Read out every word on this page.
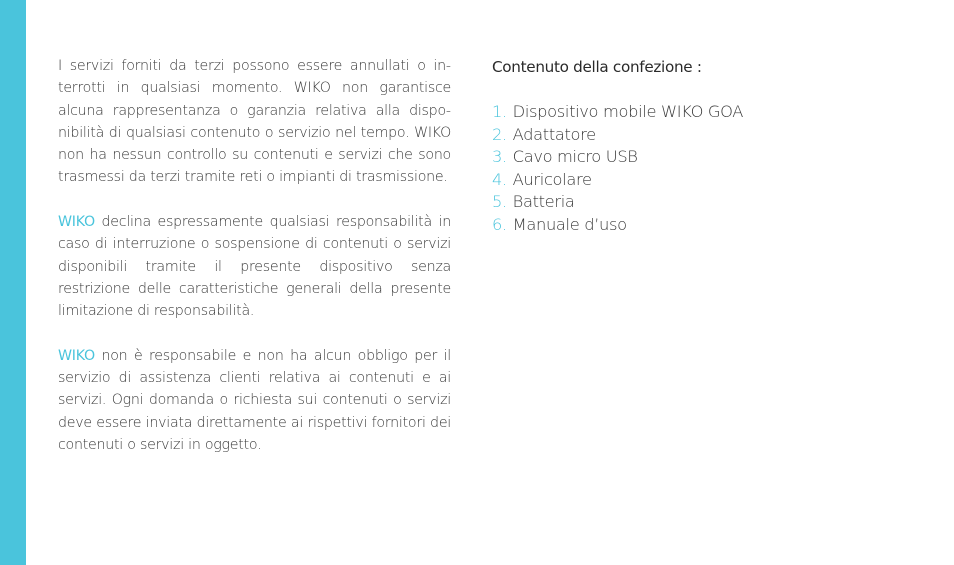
I servizi forniti da terzi possono essere annullati o interrotti in qualsiasi momento. WIKO non garantisce alcuna rappresentanza o garanzia relativa alla disponibilità di qualsiasi contenuto o servizio nel tempo. WIKO non ha nessun controllo su contenuti e servizi che sono trasmessi da terzi tramite reti o impianti di trasmissione.

WIKO declina espressamente qualsiasi responsabilità in caso di interruzione o sospensione di contenuti o servizi disponibili tramite il presente dispositivo senza restrizione delle caratteristiche generali della presente limitazione di responsabilità.

WIKO non è responsabile e non ha alcun obbligo per il servizio di assistenza clienti relativa ai contenuti e ai servizi. Ogni domanda o richiesta sui contenuti o servizi deve essere inviata direttamente ai rispettivi fornitori dei contenuti o servizi in oggetto.

Contenuto della confezione :
1. Dispositivo mobile WIKO GOA
2. Adattatore
3. Cavo micro USB
4. Auricolare
5. Batteria
6. Manuale d’uso
